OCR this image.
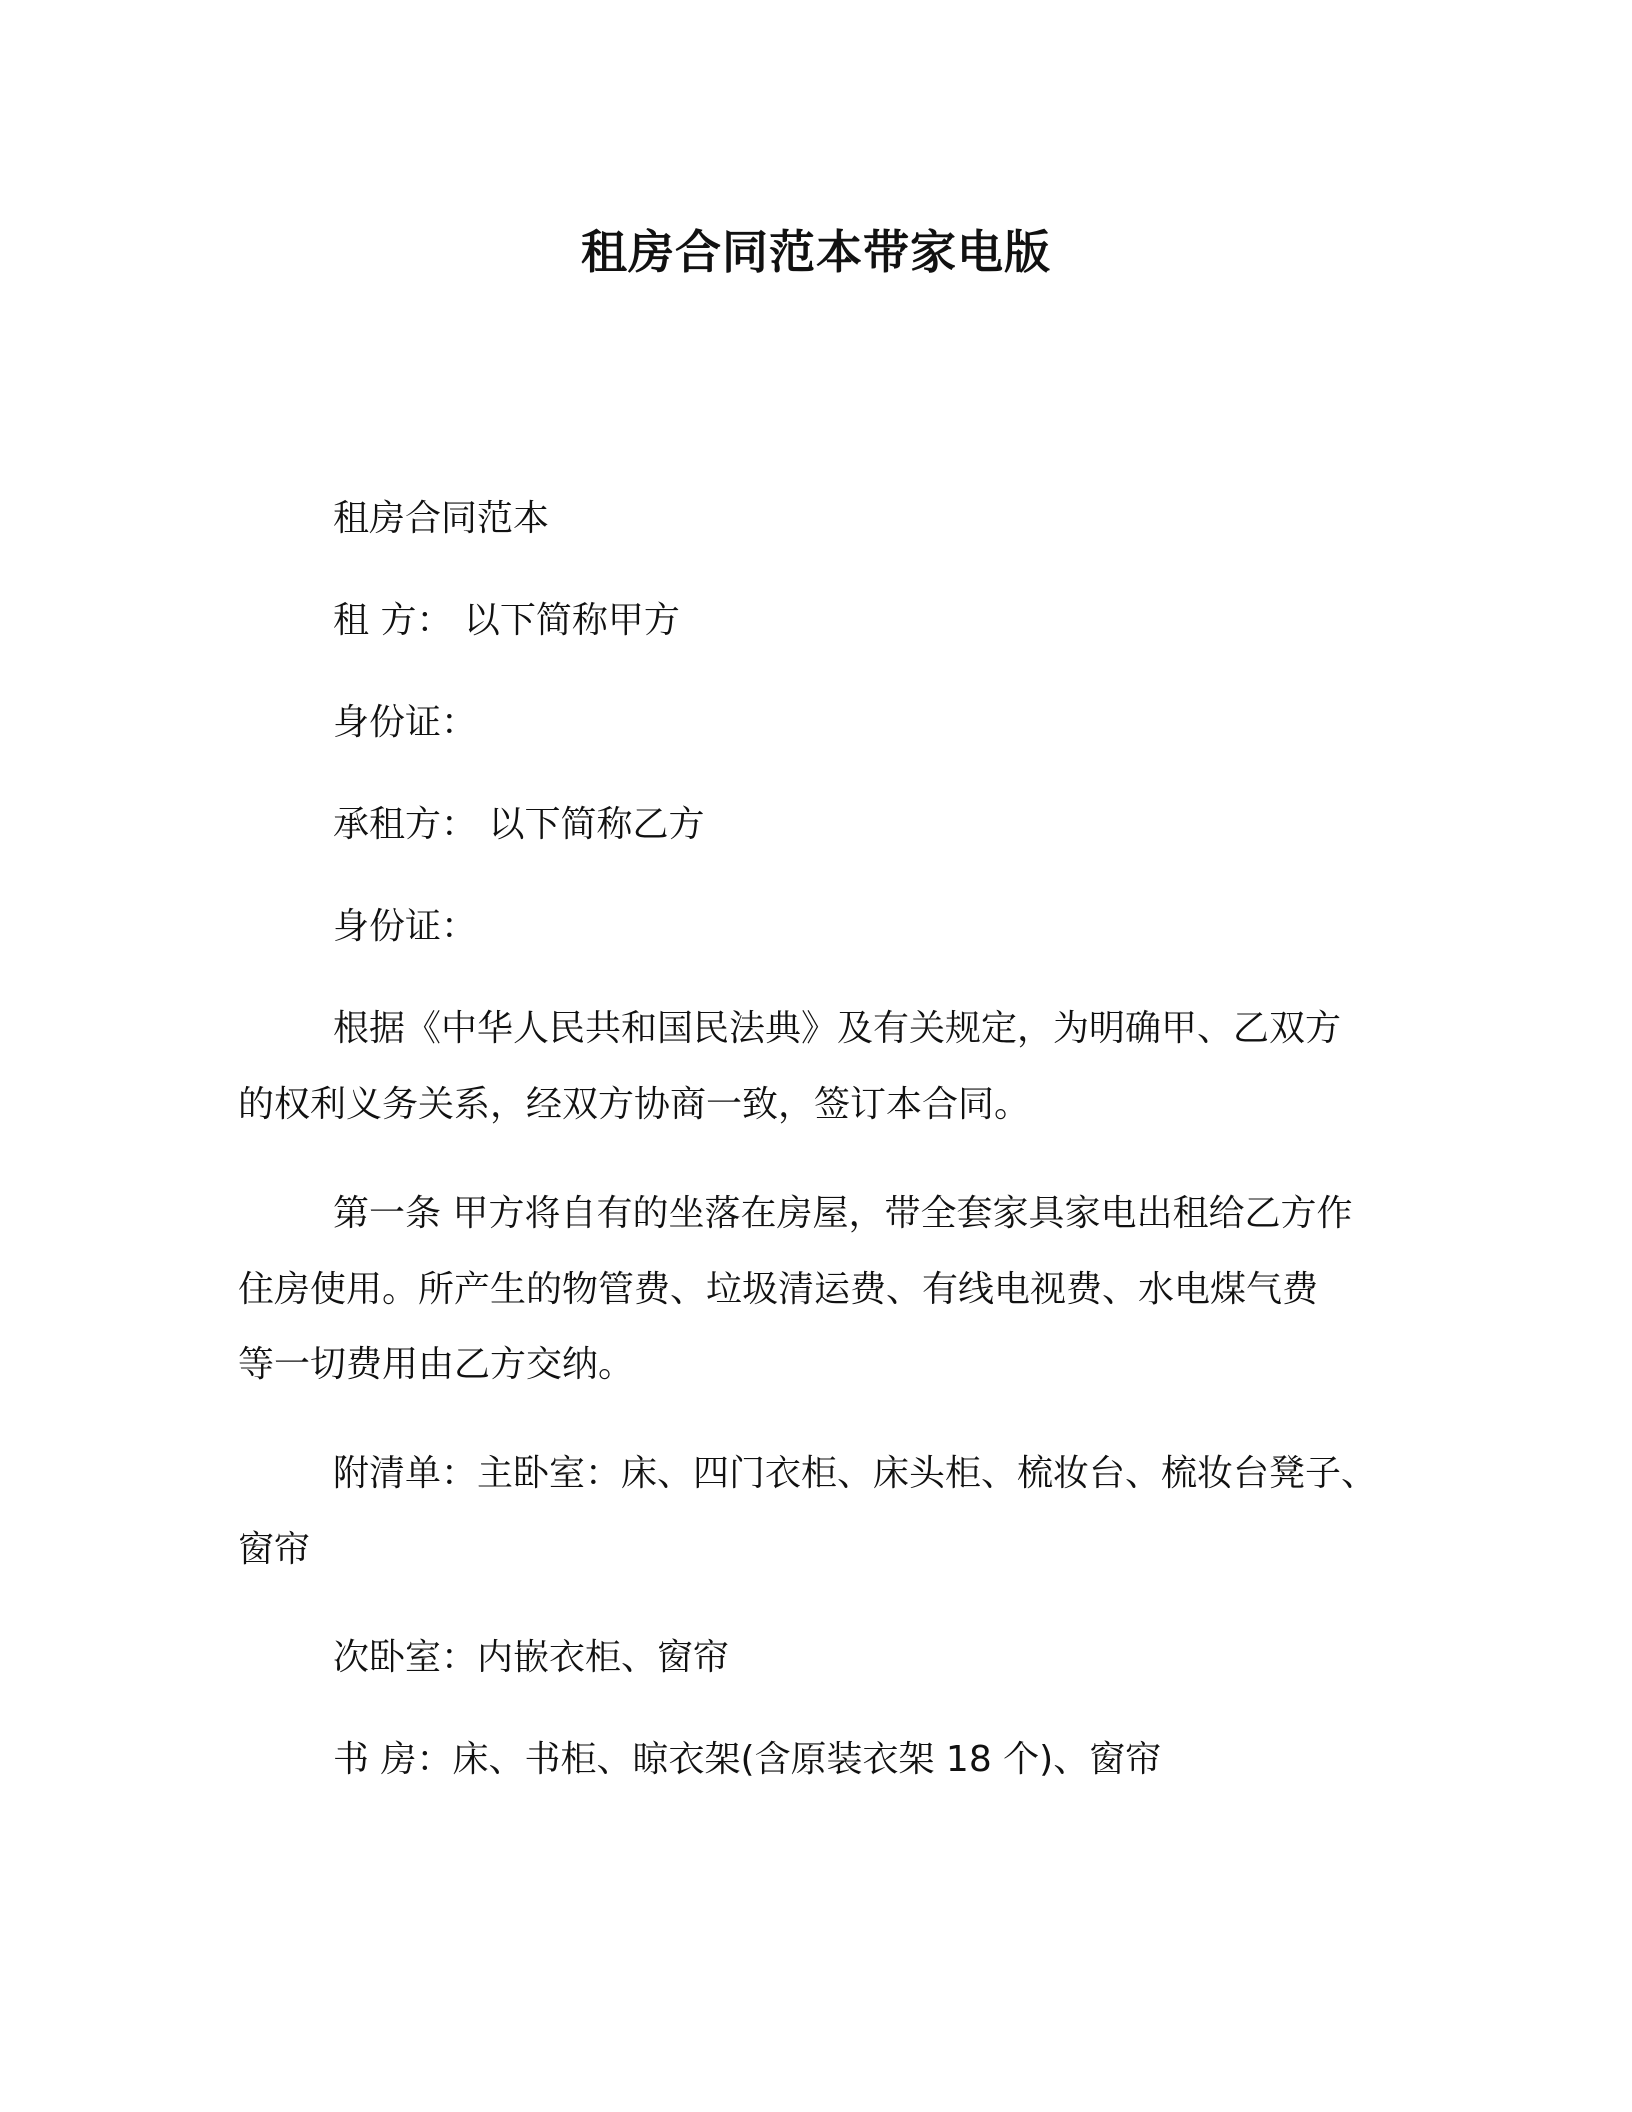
租房合同范本带家电版
租房合同范本
租 方： 以下简称甲方
身份证：
承租方： 以下简称乙方
身份证：
根据《中华人民共和国民法典》及有关规定，为明确甲、乙双方
的权利义务关系，经双方协商一致，签订本合同。
第一条 甲方将自有的坐落在房屋，带全套家具家电出租给乙方作
住房使用。所产生的物管费、垃圾清运费、有线电视费、水电煤气费
等一切费用由乙方交纳。
附清单：主卧室：床、四门衣柜、床头柜、梳妆台、梳妆台凳子、
窗帘
次卧室：内嵌衣柜、窗帘
书 房：床、书柜、晾衣架(含原装衣架 18 个)、窗帘
